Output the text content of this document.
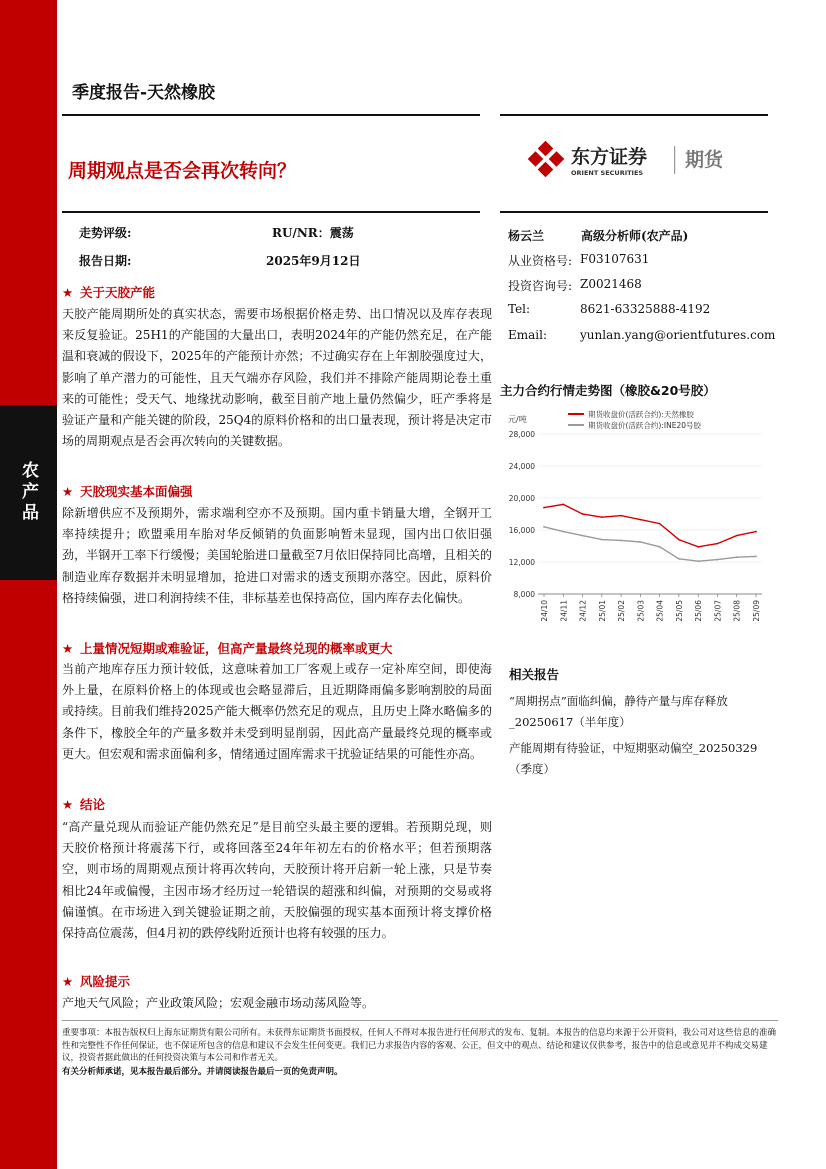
农产品
季度报告-天然橡胶
周期观点是否会再次转向？
东方证券
ORIENT SECURITIES
期货
走势评级:	RU/NR：震荡
报告日期:	2025年9月12日
杨云兰	高级分析师(农产品)
从业资格号: F03107631
投资咨询号: Z0021468
Tel:	8621-63325888-4192
Email:	yunlan.yang@orientfutures.com
★ 关于天胶产能
天胶产能周期所处的真实状态，需要市场根据价格走势、出口情况以及库存表现来反复验证。25H1的产能国的大量出口，表明2024年的产能仍然充足，在产能温和衰减的假设下，2025年的产能预计亦然；不过确实存在上年割胶强度过大，影响了单产潜力的可能性，且天气端亦存风险，我们并不排除产能周期论卷土重来的可能性；受天气、地缘扰动影响，截至目前产地上量仍然偏少，旺产季将是验证产量和产能关键的阶段，25Q4的原料价格和的出口量表现，预计将是决定市场的周期观点是否会再次转向的关键数据。
★ 天胶现实基本面偏强
除新增供应不及预期外，需求端利空亦不及预期。国内重卡销量大增，全钢开工率持续提升；欧盟乘用车胎对华反倾销的负面影响暂未显现，国内出口依旧强劲，半钢开工率下行缓慢；美国轮胎进口量截至7月依旧保持同比高增，且相关的制造业库存数据并未明显增加，抢进口对需求的透支预期亦落空。因此，原料价格持续偏强，进口利润持续不佳，非标基差也保持高位，国内库存去化偏快。
★ 上量情况短期或难验证，但高产量最终兑现的概率或更大
当前产地库存压力预计较低，这意味着加工厂客观上或存一定补库空间，即使海外上量，在原料价格上的体现或也会略显滞后，且近期降雨偏多影响割胶的局面或持续。目前我们维持2025产能大概率仍然充足的观点，且历史上降水略偏多的条件下，橡胶全年的产量多数并未受到明显削弱，因此高产量最终兑现的概率或更大。但宏观和需求面偏利多，情绪通过圄库需求干扰验证结果的可能性亦高。
★ 结论
“高产量兑现从而验证产能仍然充足”是目前空头最主要的逻辑。若预期兑现，则天胶价格预计将震荡下行，或将回落至24年年初左右的价格水平；但若预期落空，则市场的周期观点预计将再次转向，天胶预计将开启新一轮上涨，只是节奏相比24年或偏慢，主因市场才经历过一轮错误的超涨和纠偏，对预期的交易或将偏谨慎。在市场进入到关键验证期之前，天胶偏强的现实基本面预计将支撑价格保持高位震荡，但4月初的跌停线附近预计也将有较强的压力。
★ 风险提示
产地天气风险；产业政策风险；宏观金融市场动荡风险等。
主力合约行情走势图（橡胶&20号胶）
元/吨
期货收盘价(活跃合约):天然橡胶
期货收盘价(活跃合约):INE20号胶
8,000
12,000
16,000
20,000
24,000
28,000
24/10 24/11 24/12 25/01 25/02 25/03 25/04 25/05 25/06 25/07 25/08 25/09
相关报告
“周期拐点”面临纠偏，静待产量与库存释放_20250617（半年度）
产能周期有待验证，中短期驱动偏空_20250329（季度）
重要事项：本报告版权归上海东证期货有限公司所有。未获得东证期货书面授权，任何人不得对本报告进行任何形式的发布、复制。本报告的信息均来源于公开资料，我公司对这些信息的准确性和完整性不作任何保证，也不保证所包含的信息和建议不会发生任何变更。我们已力求报告内容的客观、公正，但文中的观点、结论和建议仅供参考，报告中的信息或意见并不构成交易建议，投资者据此做出的任何投资决策与本公司和作者无关。
有关分析师承诺，见本报告最后部分。并请阅读报告最后一页的免责声明。
